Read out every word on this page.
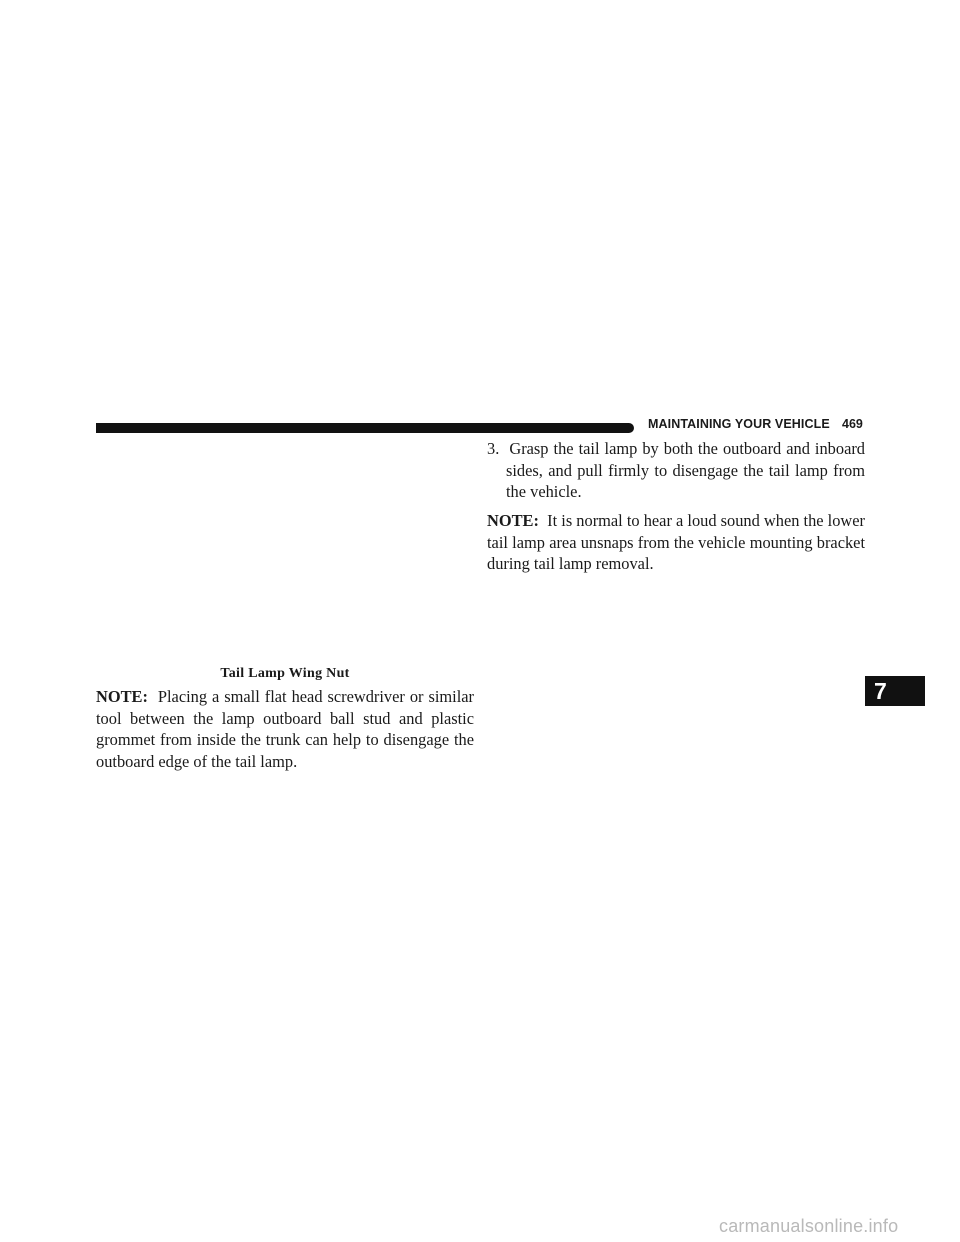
MAINTAINING YOUR VEHICLE 469
Tail Lamp Wing Nut
NOTE:  Placing a small flat head screwdriver or similar tool between the lamp outboard ball stud and plastic grommet from inside the trunk can help to disengage the outboard edge of the tail lamp.
3.  Grasp the tail lamp by both the outboard and inboard sides, and pull firmly to disengage the tail lamp from the vehicle.
NOTE:  It is normal to hear a loud sound when the lower tail lamp area unsnaps from the vehicle mounting bracket during tail lamp removal.
7
carmanualsonline.info
